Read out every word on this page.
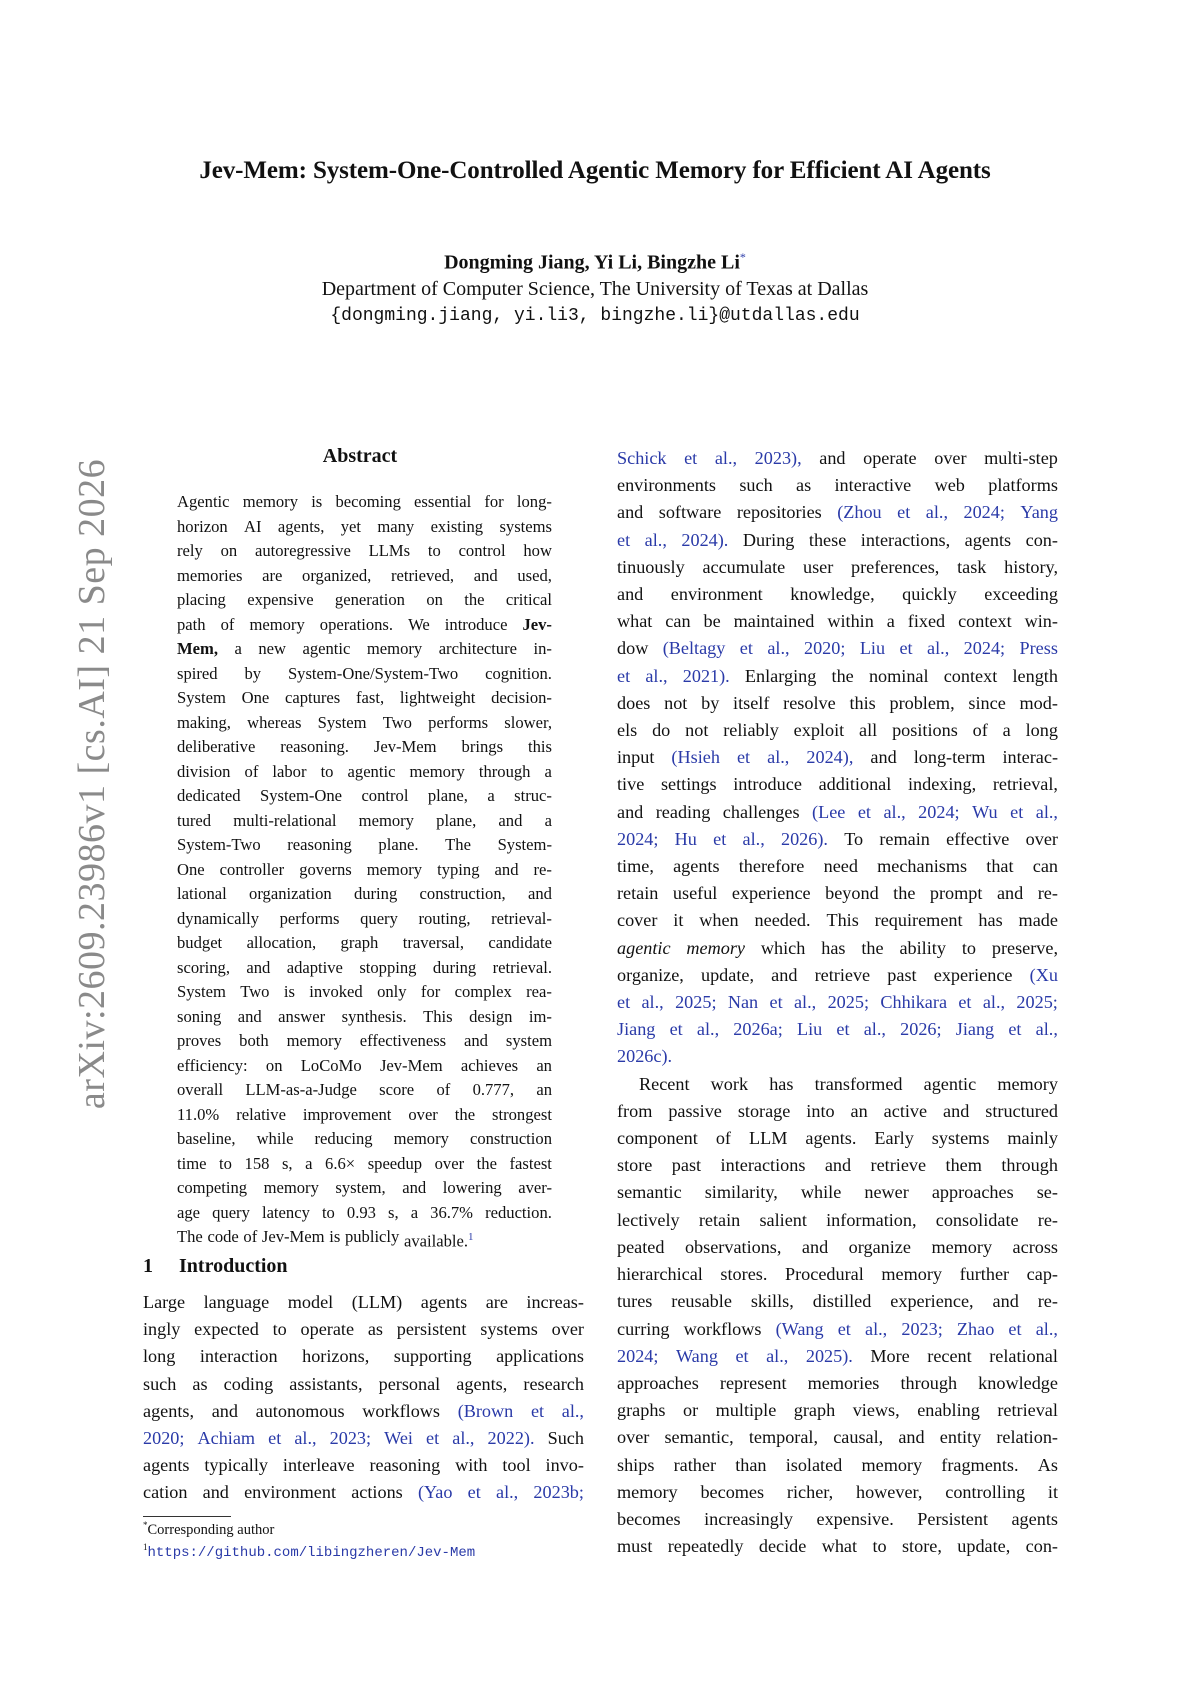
arXiv:2609.23986v1 [cs.AI] 21 Sep 2026
Jev-Mem: System-One-Controlled Agentic Memory for Efficient AI Agents
Dongming Jiang, Yi Li, Bingzhe Li*
Department of Computer Science, The University of Texas at Dallas
{dongming.jiang, yi.li3, bingzhe.li}@utdallas.edu
Abstract
Agentic memory is becoming essential for long-
horizon AI agents, yet many existing systems
rely on autoregressive LLMs to control how
memories are organized, retrieved, and used,
placing expensive generation on the critical
path of memory operations. We introduce Jev-
Mem, a new agentic memory architecture in-
spired by System-One/System-Two cognition.
System One captures fast, lightweight decision-
making, whereas System Two performs slower,
deliberative reasoning. Jev-Mem brings this
division of labor to agentic memory through a
dedicated System-One control plane, a struc-
tured multi-relational memory plane, and a
System-Two reasoning plane. The System-
One controller governs memory typing and re-
lational organization during construction, and
dynamically performs query routing, retrieval-
budget allocation, graph traversal, candidate
scoring, and adaptive stopping during retrieval.
System Two is invoked only for complex rea-
soning and answer synthesis. This design im-
proves both memory effectiveness and system
efficiency: on LoCoMo Jev-Mem achieves an
overall LLM-as-a-Judge score of 0.777, an
11.0% relative improvement over the strongest
baseline, while reducing memory construction
time to 158 s, a 6.6× speedup over the fastest
competing memory system, and lowering aver-
age query latency to 0.93 s, a 36.7% reduction.
The code of Jev-Mem is publicly available.$^1$
1 Introduction
Large language model (LLM) agents are increas-
ingly expected to operate as persistent systems over
long interaction horizons, supporting applications
such as coding assistants, personal agents, research
agents, and autonomous workflows (Brown et al.,
2020; Achiam et al., 2023; Wei et al., 2022). Such
agents typically interleave reasoning with tool invo-
cation and environment actions (Yao et al., 2023b;
Schick et al., 2023), and operate over multi-step
environments such as interactive web platforms
and software repositories (Zhou et al., 2024; Yang
et al., 2024). During these interactions, agents con-
tinuously accumulate user preferences, task history,
and environment knowledge, quickly exceeding
what can be maintained within a fixed context win-
dow (Beltagy et al., 2020; Liu et al., 2024; Press
et al., 2021). Enlarging the nominal context length
does not by itself resolve this problem, since mod-
els do not reliably exploit all positions of a long
input (Hsieh et al., 2024), and long-term interac-
tive settings introduce additional indexing, retrieval,
and reading challenges (Lee et al., 2024; Wu et al.,
2024; Hu et al., 2026). To remain effective over
time, agents therefore need mechanisms that can
retain useful experience beyond the prompt and re-
cover it when needed. This requirement has made
agentic memory which has the ability to preserve,
organize, update, and retrieve past experience (Xu
et al., 2025; Nan et al., 2025; Chhikara et al., 2025;
Jiang et al., 2026a; Liu et al., 2026; Jiang et al.,
2026c).
Recent work has transformed agentic memory
from passive storage into an active and structured
component of LLM agents. Early systems mainly
store past interactions and retrieve them through
semantic similarity, while newer approaches se-
lectively retain salient information, consolidate re-
peated observations, and organize memory across
hierarchical stores. Procedural memory further cap-
tures reusable skills, distilled experience, and re-
curring workflows (Wang et al., 2023; Zhao et al.,
2024; Wang et al., 2025). More recent relational
approaches represent memories through knowledge
graphs or multiple graph views, enabling retrieval
over semantic, temporal, causal, and entity relation-
ships rather than isolated memory fragments. As
memory becomes richer, however, controlling it
becomes increasingly expensive. Persistent agents
must repeatedly decide what to store, update, con-
*Corresponding author
$^1$https://github.com/libingzheren/Jev-Mem
